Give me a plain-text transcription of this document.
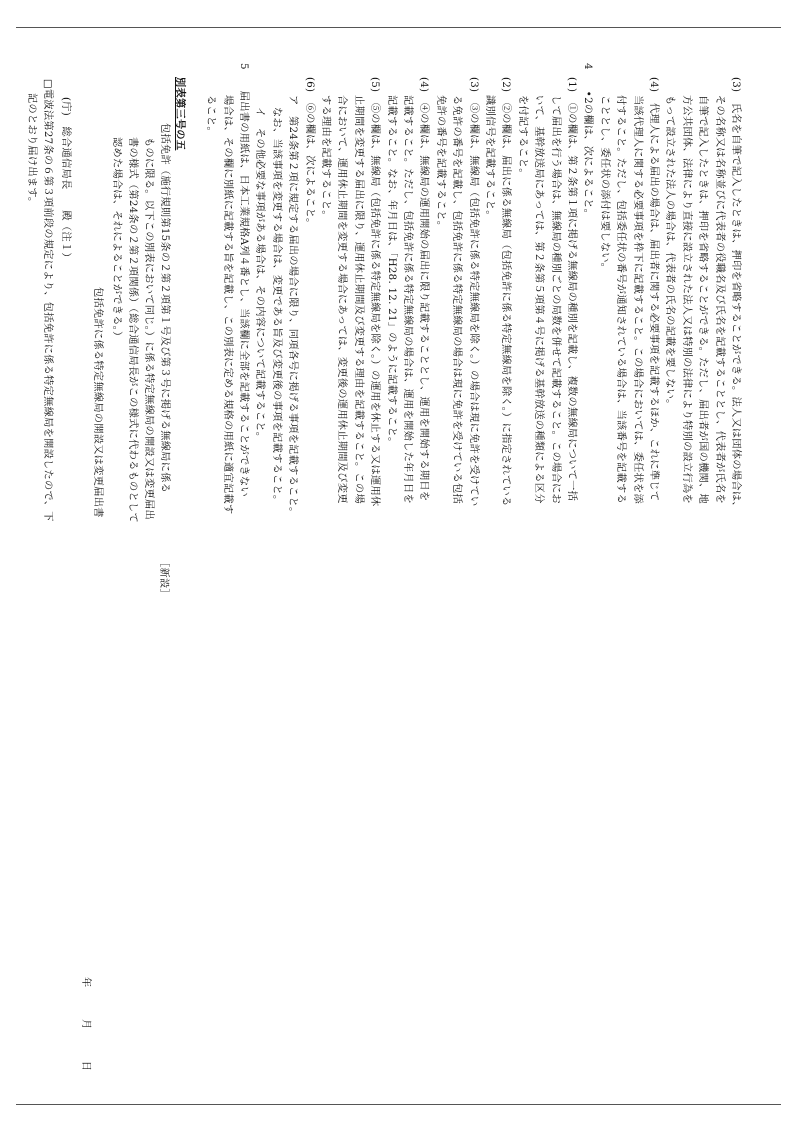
(3)　氏名を自筆で記入したときは、押印を省略することができる。法人又は団体の場合は、
その名称又は名称並びに代表者の役職名及び氏名を記載することとし、代表者が氏名を
自筆で記入したときは、押印を省略することができる。ただし、届出者が国の機関、地
方公共団体、法律により直接に設立された法人又は特別の法律により特別の設立行為を
もって設立された法人の場合は、代表者の氏名の記載を要しない。
(4)　代理人による届出の場合は、届出者に関する必要事項を記載するほか、これに準じて
当該代理人に関する必要事項を枠下に記載すること。この場合においては、委任状を添
付すること。ただし、包括委任状の番号が通知されている場合は、当該番号を記載する
こととし、委任状の添付は要しない。
4　　•2の欄は、次によること。
(1)　①の欄は、第２条第１項に掲げる無線局の種別を記載し、複数の無線局について一括
して届出を行う場合は、無線局の種別ごとの局数を併せて記載すること。この場合にお
いて、基幹放送局にあっては、第２条第５項第４号に掲げる基幹放送の種類による区分
を付記すること。
(2)　②の欄は、届出に係る無線局（包括免許に係る特定無線局を除く。）に指定されている
識別信号を記載すること。
(3)　③の欄は、無線局（包括免許に係る特定無線局を除く。）の場合は現に免許を受けてい
る免許の番号を記載し、包括免許に係る特定無線局の場合は現に免許を受けている包括
免許の番号を記載すること。
(4)　④の欄は、無線局の運用開始の届出に限り記載することとし、運用を開始する期日を
記載すること。ただし、包括免許に係る特定無線局の場合は、運用を開始した年月日を
記載すること。なお、年月日は、「H28. 12. 21」のように記載すること。
(5)　⑤の欄は、無線局（包括免許に係る特定無線局を除く。）の運用を休止する又は運用休
止期間を変更する届出に限り、運用休止期間及び変更する理由を記載すること。この場
合において、運用休止期間を変更する場合にあっては、変更後の運用休止期間及び変更
する理由を記載すること。
(6)　⑥の欄は、次によること。
ア　第24条第２項に規定する届出の場合に限り、同項各号に掲げる事項を記載すること。
なお、当該事項を変更する場合は、変更である旨及び変更後の事項を記載すること。
イ　その他必要な事項がある場合は、その内容について記載すること。
5　　届出書の用紙は、日本工業規格A列４番とし、当該欄に全部を記載することができない
場合は、その欄に別紙に記載する旨を記載し、この別表に定める規格の用紙に適宜記載す
ること。
別表第三号の五
［新設］
包括免許（施行規則第15条の２第２項第１号及び第３号に掲げる無線局に係る
ものに限る。以下この別表において同じ。）に係る特定無線局の開設又は変更届出
書の様式（第24条の２第２項関係）（総合通信局長がこの様式に代わるものとして
認めた場合は、それによることができる。）
包括免許に係る特定無線局の開設又は変更届出書
年　　　月　　　日
(庁)　総合通信局長　　殿（注１）
□電波法第27条の６第３項前段の規定により、包括免許に係る特定無線局を開設したので、下
記のとおり届け出ます。
